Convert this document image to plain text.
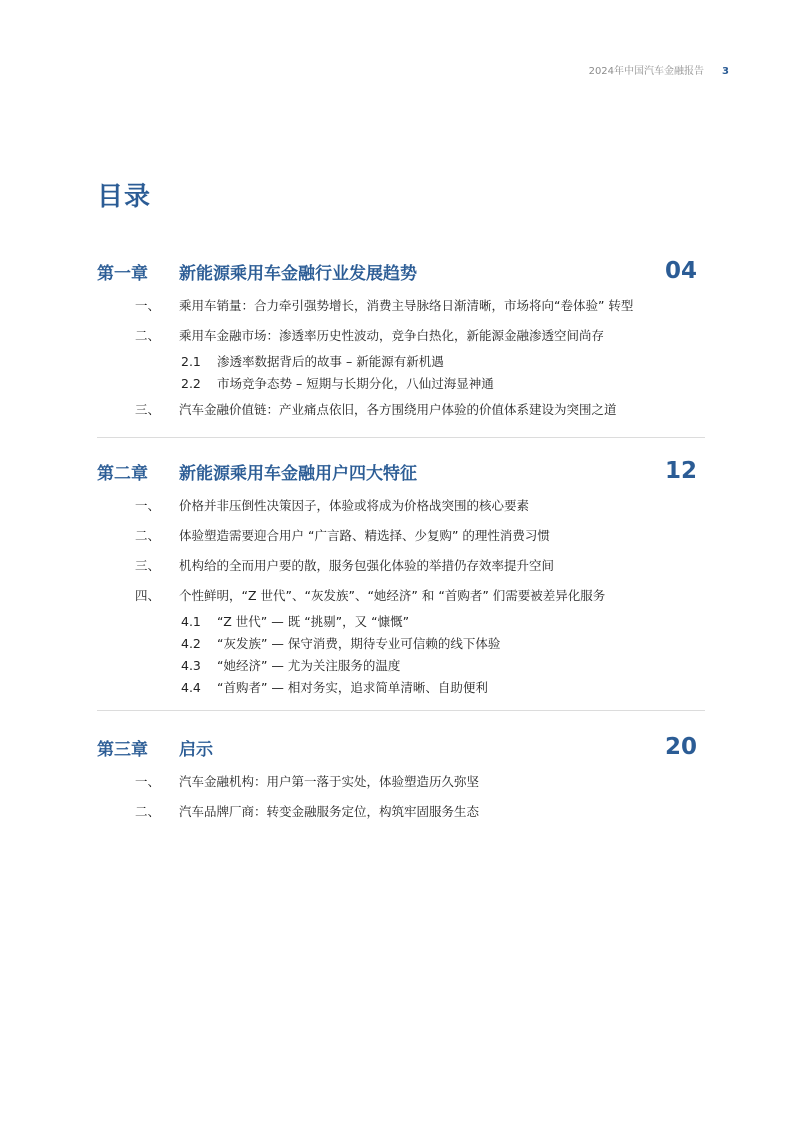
2024年中国汽车金融报告 3
目录
第一章	新能源乘用车金融行业发展趋势	04
一、	乘用车销量：合力牵引强势增长，消费主导脉络日渐清晰，市场将向“卷体验” 转型
二、	乘用车金融市场：渗透率历史性波动，竞争白热化，新能源金融渗透空间尚存
2.1	渗透率数据背后的故事 – 新能源有新机遇
2.2	市场竞争态势 – 短期与长期分化，八仙过海显神通
三、	汽车金融价值链：产业痛点依旧，各方围绕用户体验的价值体系建设为突围之道
第二章	新能源乘用车金融用户四大特征	12
一、	价格并非压倒性决策因子，体验或将成为价格战突围的核心要素
二、	体验塑造需要迎合用户 “广言路、精选择、少复购” 的理性消费习惯
三、	机构给的全而用户要的散，服务包强化体验的举措仍存效率提升空间
四、	个性鲜明，“Z 世代”、“灰发族”、“她经济” 和 “首购者” 们需要被差异化服务
4.1	“Z 世代” — 既 “挑剔”，又 “慷慨”
4.2	“灰发族” — 保守消费，期待专业可信赖的线下体验
4.3	“她经济” — 尤为关注服务的温度
4.4	“首购者” — 相对务实，追求简单清晰、自助便利
第三章	启示	20
一、	汽车金融机构：用户第一落于实处，体验塑造历久弥坚
二、	汽车品牌厂商：转变金融服务定位，构筑牢固服务生态
